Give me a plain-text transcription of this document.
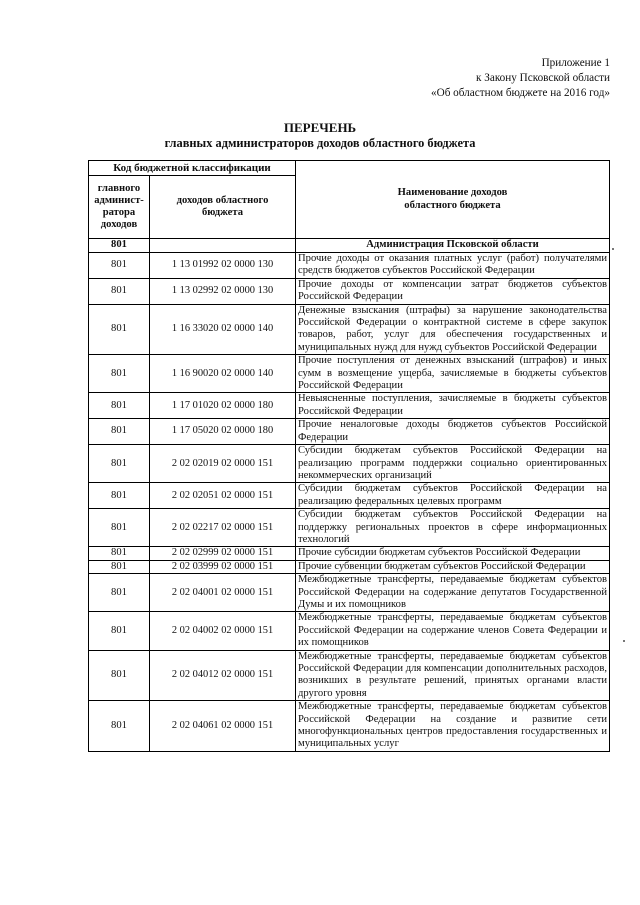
Приложение 1
к Закону Псковской области
«Об областном бюджете на 2016 год»
ПЕРЕЧЕНЬ
главных администраторов доходов областного бюджета
Код бюджетной классификации		Наименование доходов областного бюджета
главного админист-ратора доходов	доходов областного бюджета	
801		Администрация Псковской области
801	1 13 01992 02 0000 130	Прочие доходы от оказания платных услуг (работ) получателями средств бюджетов субъектов Российской Федерации
801	1 13 02992 02 0000 130	Прочие доходы от компенсации затрат бюджетов субъектов Российской Федерации
801	1 16 33020 02 0000 140	Денежные взыскания (штрафы) за нарушение законодательства Российской Федерации о контрактной системе в сфере закупок товаров, работ, услуг для обеспечения государственных и муниципальных нужд для нужд субъектов Российской Федерации
801	1 16 90020 02 0000 140	Прочие поступления от денежных взысканий (штрафов) и иных сумм в возмещение ущерба, зачисляемые в бюджеты субъектов Российской Федерации
801	1 17 01020 02 0000 180	Невыясненные поступления, зачисляемые в бюджеты субъектов Российской Федерации
801	1 17 05020 02 0000 180	Прочие неналоговые доходы бюджетов субъектов Российской Федерации
801	2 02 02019 02 0000 151	Субсидии бюджетам субъектов Российской Федерации на реализацию программ поддержки социально ориентированных некоммерческих организаций
801	2 02 02051 02 0000 151	Субсидии бюджетам субъектов Российской Федерации на реализацию федеральных целевых программ
801	2 02 02217 02 0000 151	Субсидии бюджетам субъектов Российской Федерации на поддержку региональных проектов в сфере информационных технологий
801	2 02 02999 02 0000 151	Прочие субсидии бюджетам субъектов Российской Федерации
801	2 02 03999 02 0000 151	Прочие субвенции бюджетам субъектов Российской Федерации
801	2 02 04001 02 0000 151	Межбюджетные трансферты, передаваемые бюджетам субъектов Российской Федерации на содержание депутатов Государственной Думы и их помощников
801	2 02 04002 02 0000 151	Межбюджетные трансферты, передаваемые бюджетам субъектов Российской Федерации на содержание членов Совета Федерации и их помощников
801	2 02 04012 02 0000 151	Межбюджетные трансферты, передаваемые бюджетам субъектов Российской Федерации для компенсации дополнительных расходов, возникших в результате решений, принятых органами власти другого уровня
801	2 02 04061 02 0000 151	Межбюджетные трансферты, передаваемые бюджетам субъектов Российской Федерации на создание и развитие сети многофункциональных центров предоставления государственных и муниципальных услуг
